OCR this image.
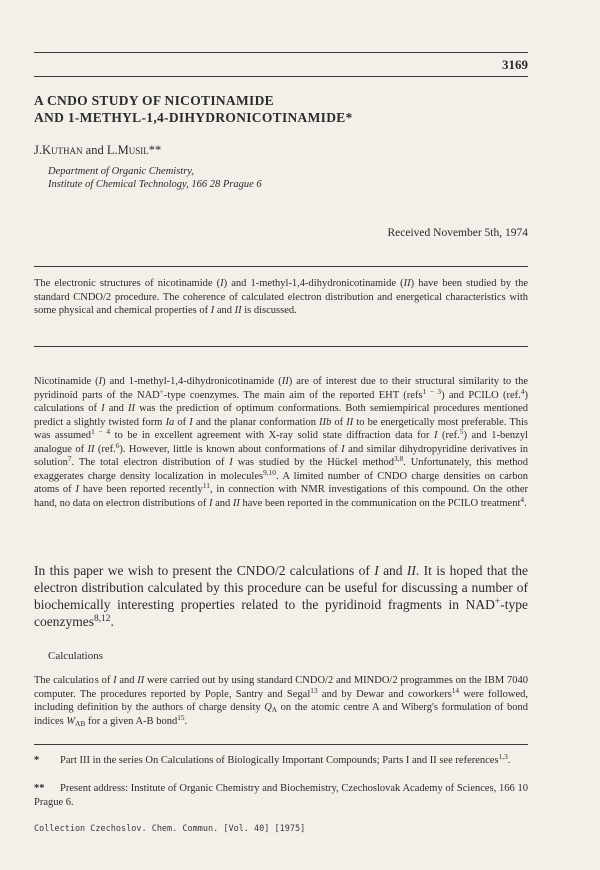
3169
A CNDO STUDY OF NICOTINAMIDE
AND 1-METHYL-1,4-DIHYDRONICOTINAMIDE*
J.Kuthan and L.Musil**
Department of Organic Chemistry,
Institute of Chemical Technology, 166 28 Prague 6
Received November 5th, 1974

The electronic structures of nicotinamide (I) and 1-methyl-1,4-dihydronicotinamide (II) have been studied by the standard CNDO/2 procedure. The coherence of calculated electron distribution and energetical characteristics with some physical and chemical properties of I and II is discussed.

Nicotinamide (I) and 1-methyl-1,4-dihydronicotinamide (II) are of interest due to their structural similarity to the pyridinoid parts of the NAD+-type coenzymes. The main aim of the reported EHT (refs$^{1 - 3}$) and PCILO (ref.$^4$) calculations of I and II was the prediction of optimum conformations. Both semiempirical procedures mentioned predict a slightly twisted form Ia of I and the planar conformation IIb of II to be energetically most preferable. This was assumed$^{1 - 4}$ to be in excellent agreement with X-ray solid state diffraction data for I (ref.$^5$) and 1-benzyl analogue of II (ref.$^6$). However, little is known about conformations of I and similar dihydropyridine derivatives in solution$^7$. The total electron distribution of I was studied by the Hückel method$^{3,8}$. Unfortunately, this method exaggerates charge density localization in molecules$^{9,10}$. A limited number of CNDO charge densities on carbon atoms of I have been reported recently$^{11}$, in connection with NMR investigations of this compound. On the other hand, no data on electron distributions of I and II have been reported in the communication on the PCILO treatment$^4$.

In this paper we wish to present the CNDO/2 calculations of I and II. It is hoped that the electron distribution calculated by this procedure can be useful for discussing a number of biochemically interesting properties related to the pyridinoid fragments in NAD+-type coenzymes$^{8,12}$.

Calculations

The calculatio s of I and II were carried out by using standard CNDO/2 and MINDO/2 programmes on the IBM 7040 computer. The procedures reported by Pople, Santry and Segal$^{13}$ and by Dewar and coworkers$^{14}$ were followed, including definition by the authors of charge density $Q_A$ on the atomic centre A and Wiberg's formulation of bond indices $W_{AB}$ for a given A-B bond$^{15}$.

* Part III in the series On Calculations of Biologically Important Compounds; Parts I and II see references$^{1,3}$.

** Present address: Institute of Organic Chemistry and Biochemistry, Czechoslovak Academy of Sciences, 166 10 Prague 6.

Collection Czechoslov. Chem. Commun. [Vol. 40] [1975]
